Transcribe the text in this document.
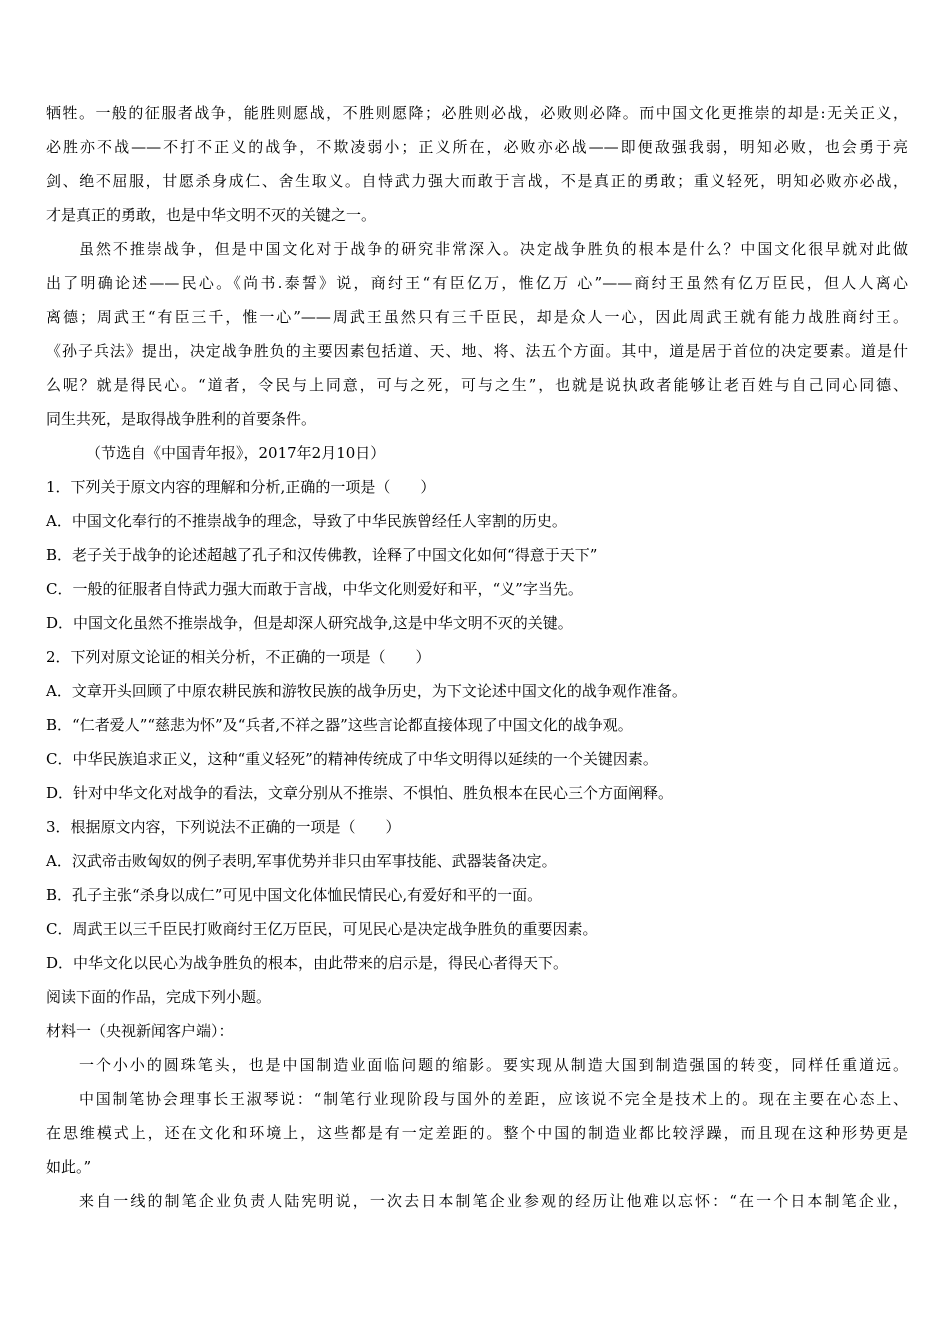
牺牲。一般的征服者战争，能胜则愿战，不胜则愿降；必胜则必战，必败则必降。而中国文化更推崇的却是:无关正义，
必胜亦不战——不打不正义的战争，不欺凌弱小；正义所在，必败亦必战——即便敌强我弱，明知必败，也会勇于亮
剑、绝不屈服，甘愿杀身成仁、舍生取义。自恃武力强大而敢于言战，不是真正的勇敢；重义轻死，明知必败亦必战，
才是真正的勇敢，也是中华文明不灭的关键之一。
虽然不推崇战争，但是中国文化对于战争的研究非常深入。决定战争胜负的根本是什么？中国文化很早就对此做
出了明确论述——民心。《尚书.泰誓》说，商纣王“有臣亿万，惟亿万 心”——商纣王虽然有亿万臣民，但人人离心
离德；周武王“有臣三千，惟一心”——周武王虽然只有三千臣民，却是众人一心，因此周武王就有能力战胜商纣王。
《孙子兵法》提出，决定战争胜负的主要因素包括道、天、地、将、法五个方面。其中，道是居于首位的决定要素。道是什
么呢？就是得民心。“道者，令民与上同意，可与之死，可与之生”，也就是说执政者能够让老百姓与自己同心同德、
同生共死，是取得战争胜利的首要条件。
（节选自《中国青年报》，2017年2月10日）
1．下列关于原文内容的理解和分析,正确的一项是（　　）
A．中国文化奉行的不推崇战争的理念，导致了中华民族曾经任人宰割的历史。
B．老子关于战争的论述超越了孔子和汉传佛教，诠释了中国文化如何“得意于天下”
C．一般的征服者自恃武力强大而敢于言战，中华文化则爱好和平，“义”字当先。
D．中国文化虽然不推崇战争，但是却深人研究战争,这是中华文明不灭的关键。
2．下列对原文论证的相关分析，不正确的一项是（　　）
A．文章开头回顾了中原农耕民族和游牧民族的战争历史，为下文论述中国文化的战争观作准备。
B．“仁者爱人”“慈悲为怀”及“兵者,不祥之器”这些言论都直接体现了中国文化的战争观。
C．中华民族追求正义，这种“重义轻死”的精神传统成了中华文明得以延续的一个关键因素。
D．针对中华文化对战争的看法，文章分别从不推崇、不惧怕、胜负根本在民心三个方面阐释。
3．根据原文内容，下列说法不正确的一项是（　　）
A．汉武帝击败匈奴的例子表明,军事优势并非只由军事技能、武器装备决定。
B．孔子主张“杀身以成仁”可见中国文化体恤民情民心,有爱好和平的一面。
C．周武王以三千臣民打败商纣王亿万臣民，可见民心是决定战争胜负的重要因素。
D．中华文化以民心为战争胜负的根本，由此带来的启示是，得民心者得天下。
阅读下面的作品，完成下列小题。
材料一（央视新闻客户端）：
一个小小的圆珠笔头，也是中国制造业面临问题的缩影。要实现从制造大国到制造强国的转变，同样任重道远。
中国制笔协会理事长王淑琴说：“制笔行业现阶段与国外的差距，应该说不完全是技术上的。现在主要在心态上、
在思维模式上，还在文化和环境上，这些都是有一定差距的。整个中国的制造业都比较浮躁，而且现在这种形势更是
如此。”
来自一线的制笔企业负责人陆宪明说，一次去日本制笔企业参观的经历让他难以忘怀：“在一个日本制笔企业，
